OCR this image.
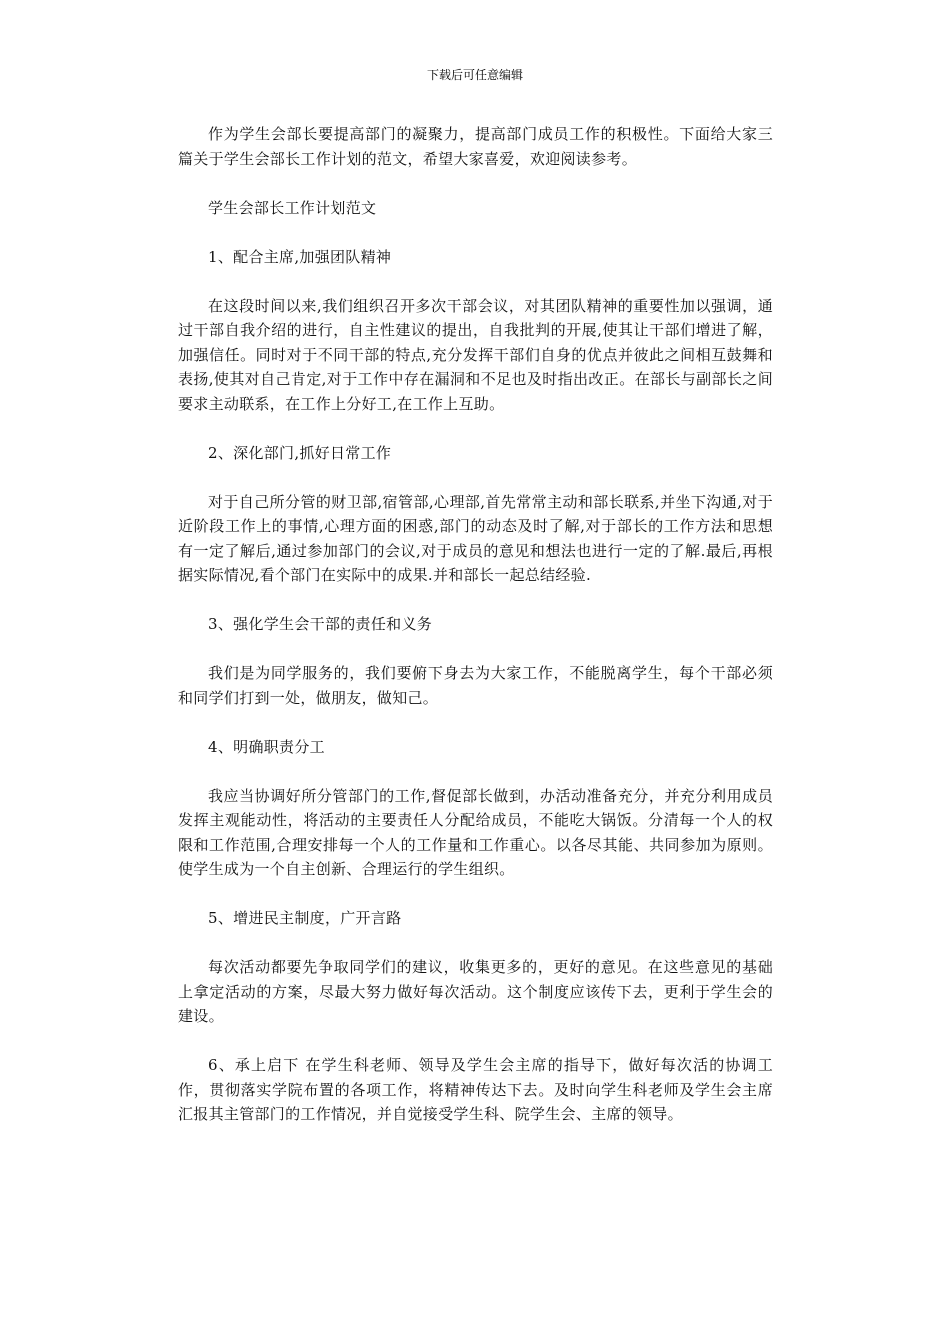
下载后可任意编辑

作为学生会部长要提高部门的凝聚力，提高部门成员工作的积极性。下面给大家三篇关于学生会部长工作计划的范文，希望大家喜爱，欢迎阅读参考。

学生会部长工作计划范文

1、配合主席,加强团队精神

在这段时间以来,我们组织召开多次干部会议，对其团队精神的重要性加以强调，通过干部自我介绍的进行，自主性建议的提出，自我批判的开展,使其让干部们增进了解，加强信任。同时对于不同干部的特点,充分发挥干部们自身的优点并彼此之间相互鼓舞和表扬,使其对自己肯定,对于工作中存在漏洞和不足也及时指出改正。在部长与副部长之间要求主动联系，在工作上分好工,在工作上互助。

2、深化部门,抓好日常工作

对于自己所分管的财卫部,宿管部,心理部,首先常常主动和部长联系,并坐下沟通,对于近阶段工作上的事情,心理方面的困惑,部门的动态及时了解,对于部长的工作方法和思想有一定了解后,通过参加部门的会议,对于成员的意见和想法也进行一定的了解.最后,再根据实际情况,看个部门在实际中的成果.并和部长一起总结经验.

3、强化学生会干部的责任和义务

我们是为同学服务的，我们要俯下身去为大家工作，不能脱离学生，每个干部必须和同学们打到一处，做朋友，做知己。

4、明确职责分工

我应当协调好所分管部门的工作,督促部长做到，办活动准备充分，并充分利用成员发挥主观能动性，将活动的主要责任人分配给成员，不能吃大锅饭。分清每一个人的权限和工作范围,合理安排每一个人的工作量和工作重心。以各尽其能、共同参加为原则。使学生成为一个自主创新、合理运行的学生组织。

5、增进民主制度，广开言路

每次活动都要先争取同学们的建议，收集更多的，更好的意见。在这些意见的基础上拿定活动的方案，尽最大努力做好每次活动。这个制度应该传下去，更利于学生会的建设。

6、承上启下 在学生科老师、领导及学生会主席的指导下，做好每次活的协调工作，贯彻落实学院布置的各项工作，将精神传达下去。及时向学生科老师及学生会主席汇报其主管部门的工作情况，并自觉接受学生科、院学生会、主席的领导。
